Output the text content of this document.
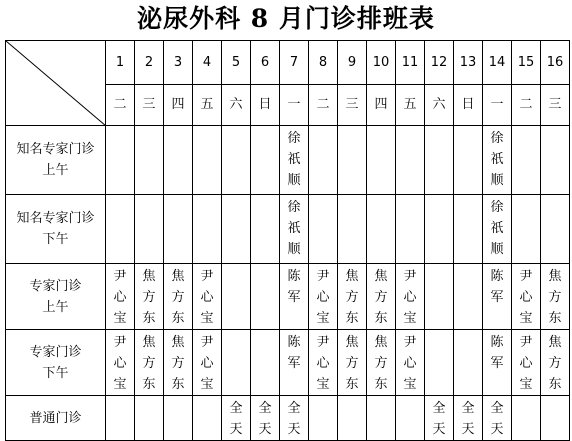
泌尿外科 8 月门诊排班表
	1	2	3	4	5	6	7	8	9	10	11	12	13	14	15	16
	二	三	四	五	六	日	一	二	三	四	五	六	日	一	二	三

知名专家门诊
上午							徐祇顺							徐祇顺		

知名专家门诊
下午							徐祇顺							徐祇顺		

专家门诊
上午	尹心宝	焦方东	焦方东	尹心宝			陈军	尹心宝	焦方东	焦方东	尹心宝			陈军	尹心宝	焦方东

专家门诊
下午	尹心宝	焦方东	焦方东	尹心宝			陈军	尹心宝	焦方东	焦方东	尹心宝			陈军	尹心宝	焦方东

普通门诊					全天	全天	全天					全天	全天	全天		
